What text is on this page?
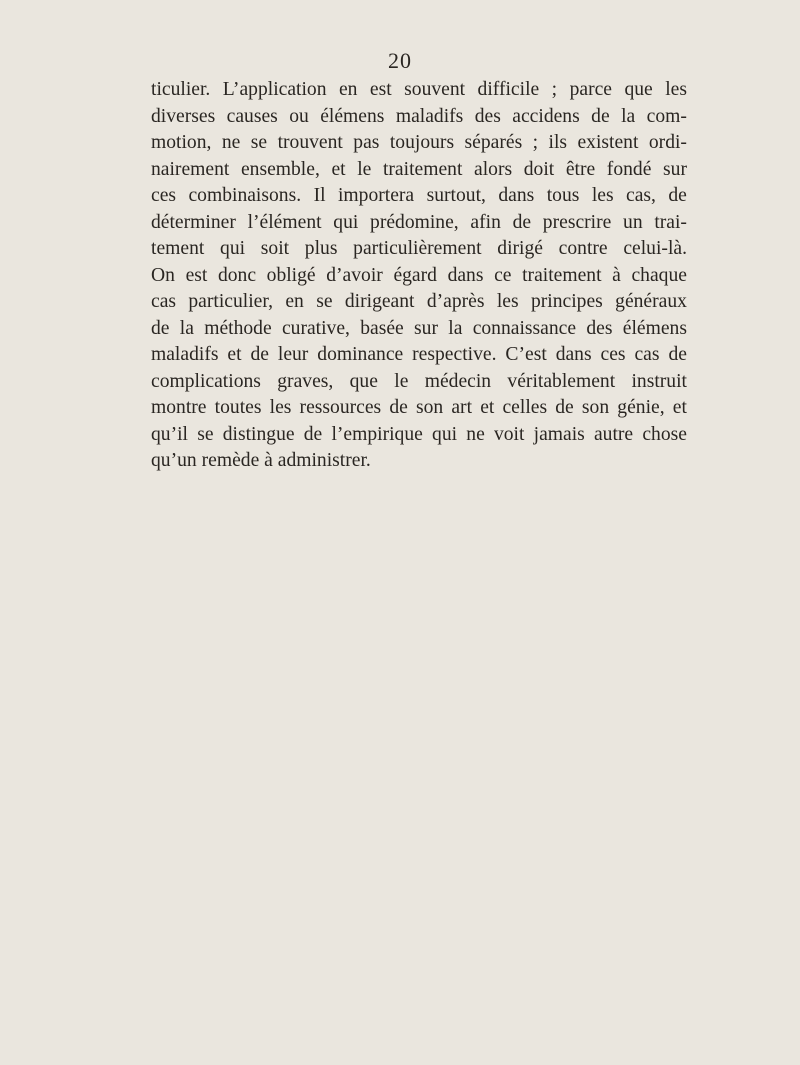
20
ticulier. L’application en est souvent difficile ; parce que les
diverses causes ou élémens maladifs des accidens de la com-
motion, ne se trouvent pas toujours séparés ; ils existent ordi-
nairement ensemble, et le traitement alors doit être fondé sur
ces combinaisons. Il importera surtout, dans tous les cas, de
déterminer l’élément qui prédomine, afin de prescrire un trai-
tement qui soit plus particulièrement dirigé contre celui-là.
On est donc obligé d’avoir égard dans ce traitement à chaque
cas particulier, en se dirigeant d’après les principes généraux
de la méthode curative, basée sur la connaissance des élémens
maladifs et de leur dominance respective. C’est dans ces cas de
complications graves, que le médecin véritablement instruit
montre toutes les ressources de son art et celles de son génie, et
qu’il se distingue de l’empirique qui ne voit jamais autre chose
qu’un remède à administrer.
